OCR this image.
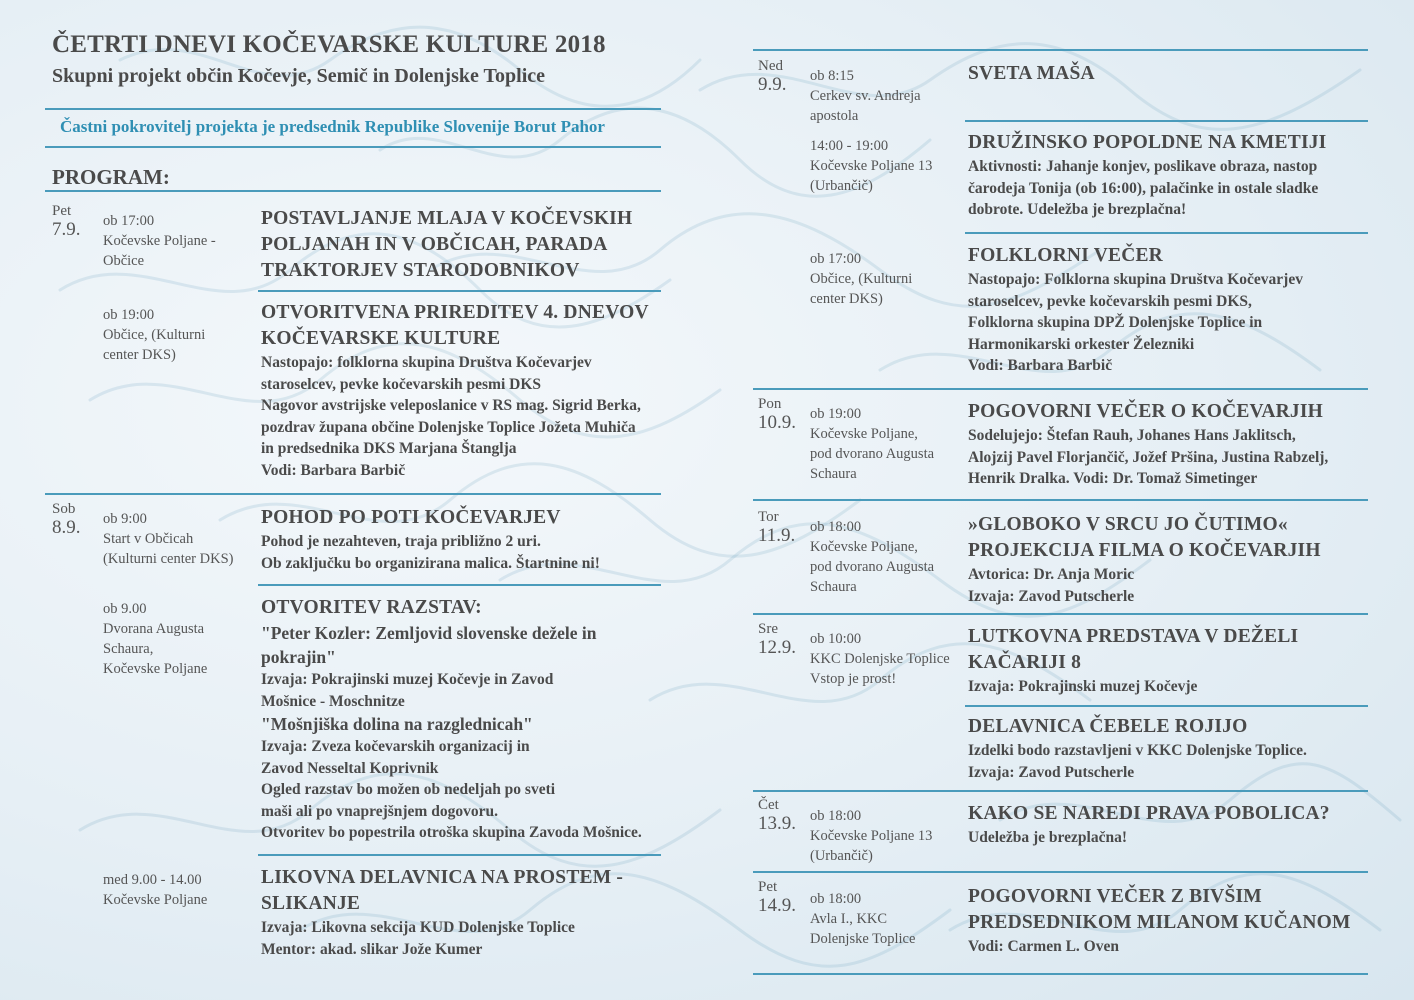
ČETRTI DNEVI KOČEVARSKE KULTURE 2018
Skupni projekt občin Kočevje, Semič in Dolenjske Toplice
Častni pokrovitelj projekta je predsednik Republike Slovenije Borut Pahor
PROGRAM:
Pet
7.9. ob 17:00
Kočevske Poljane -
Občice
POSTAVLJANJE MLAJA V KOČEVSKIH
POLJANAH IN V OBČICAH, PARADA
TRAKTORJEV STARODOBNIKOV
ob 19:00
Občice, (Kulturni
center DKS)
OTVORITVENA PRIREDITEV 4. DNEVOV
KOČEVARSKE KULTURE
Nastopajo: folklorna skupina Društva Kočevarjev
staroselcev, pevke kočevarskih pesmi DKS
Nagovor avstrijske veleposlanice v RS mag. Sigrid Berka,
pozdrav župana občine Dolenjske Toplice Jožeta Muhiča
in predsednika DKS Marjana Štanglja
Vodi: Barbara Barbič
Sob
8.9. ob 9:00
Start v Občicah
(Kulturni center DKS)
POHOD PO POTI KOČEVARJEV
Pohod je nezahteven, traja približno 2 uri.
Ob zaključku bo organizirana malica. Štartnine ni!
ob 9.00
Dvorana Augusta
Schaura,
Kočevske Poljane
OTVORITEV RAZSTAV:
"Peter Kozler: Zemljovid slovenske dežele in
pokrajin"
Izvaja: Pokrajinski muzej Kočevje in Zavod
Mošnice - Moschnitze
"Mošnjiška dolina na razglednicah"
Izvaja: Zveza kočevarskih organizacij in
Zavod Nesseltal Koprivnik
Ogled razstav bo možen ob nedeljah po sveti
maši ali po vnaprejšnjem dogovoru.
Otvoritev bo popestrila otroška skupina Zavoda Mošnice.
med 9.00 - 14.00
Kočevske Poljane
LIKOVNA DELAVNICA NA PROSTEM -
SLIKANJE
Izvaja: Likovna sekcija KUD Dolenjske Toplice
Mentor: akad. slikar Jože Kumer
Ned
9.9. ob 8:15
Cerkev sv. Andreja
apostola
SVETA MAŠA
14:00 - 19:00
Kočevske Poljane 13
(Urbančič)
DRUŽINSKO POPOLDNE NA KMETIJI
Aktivnosti: Jahanje konjev, poslikave obraza, nastop
čarodeja Tonija (ob 16:00), palačinke in ostale sladke
dobrote. Udeležba je brezplačna!
ob 17:00
Občice, (Kulturni
center DKS)
FOLKLORNI VEČER
Nastopajo: Folklorna skupina Društva Kočevarjev
staroselcev, pevke kočevarskih pesmi DKS,
Folklorna skupina DPŽ Dolenjske Toplice in
Harmonikarski orkester Železniki
Vodi: Barbara Barbič
Pon
10.9. ob 19:00
Kočevske Poljane,
pod dvorano Augusta
Schaura
POGOVORNI VEČER O KOČEVARJIH
Sodelujejo: Štefan Rauh, Johanes Hans Jaklitsch,
Alojzij Pavel Florjančič, Jožef Pršina, Justina Rabzelj,
Henrik Dralka. Vodi: Dr. Tomaž Simetinger
Tor
11.9. ob 18:00
Kočevske Poljane,
pod dvorano Augusta
Schaura
»GLOBOKO V SRCU JO ČUTIMO«
PROJEKCIJA FILMA O KOČEVARJIH
Avtorica: Dr. Anja Moric
Izvaja: Zavod Putscherle
Sre
12.9. ob 10:00
KKC Dolenjske Toplice
Vstop je prost!
LUTKOVNA PREDSTAVA V DEŽELI
KAČARIJI 8
Izvaja: Pokrajinski muzej Kočevje
DELAVNICA ČEBELE ROJIJO
Izdelki bodo razstavljeni v KKC Dolenjske Toplice.
Izvaja: Zavod Putscherle
Čet
13.9. ob 18:00
Kočevske Poljane 13
(Urbančič)
KAKO SE NAREDI PRAVA POBOLICA?
Udeležba je brezplačna!
Pet
14.9. ob 18:00
Avla I., KKC
Dolenjske Toplice
POGOVORNI VEČER Z BIVŠIM
PREDSEDNIKOM MILANOM KUČANOM
Vodi: Carmen L. Oven
